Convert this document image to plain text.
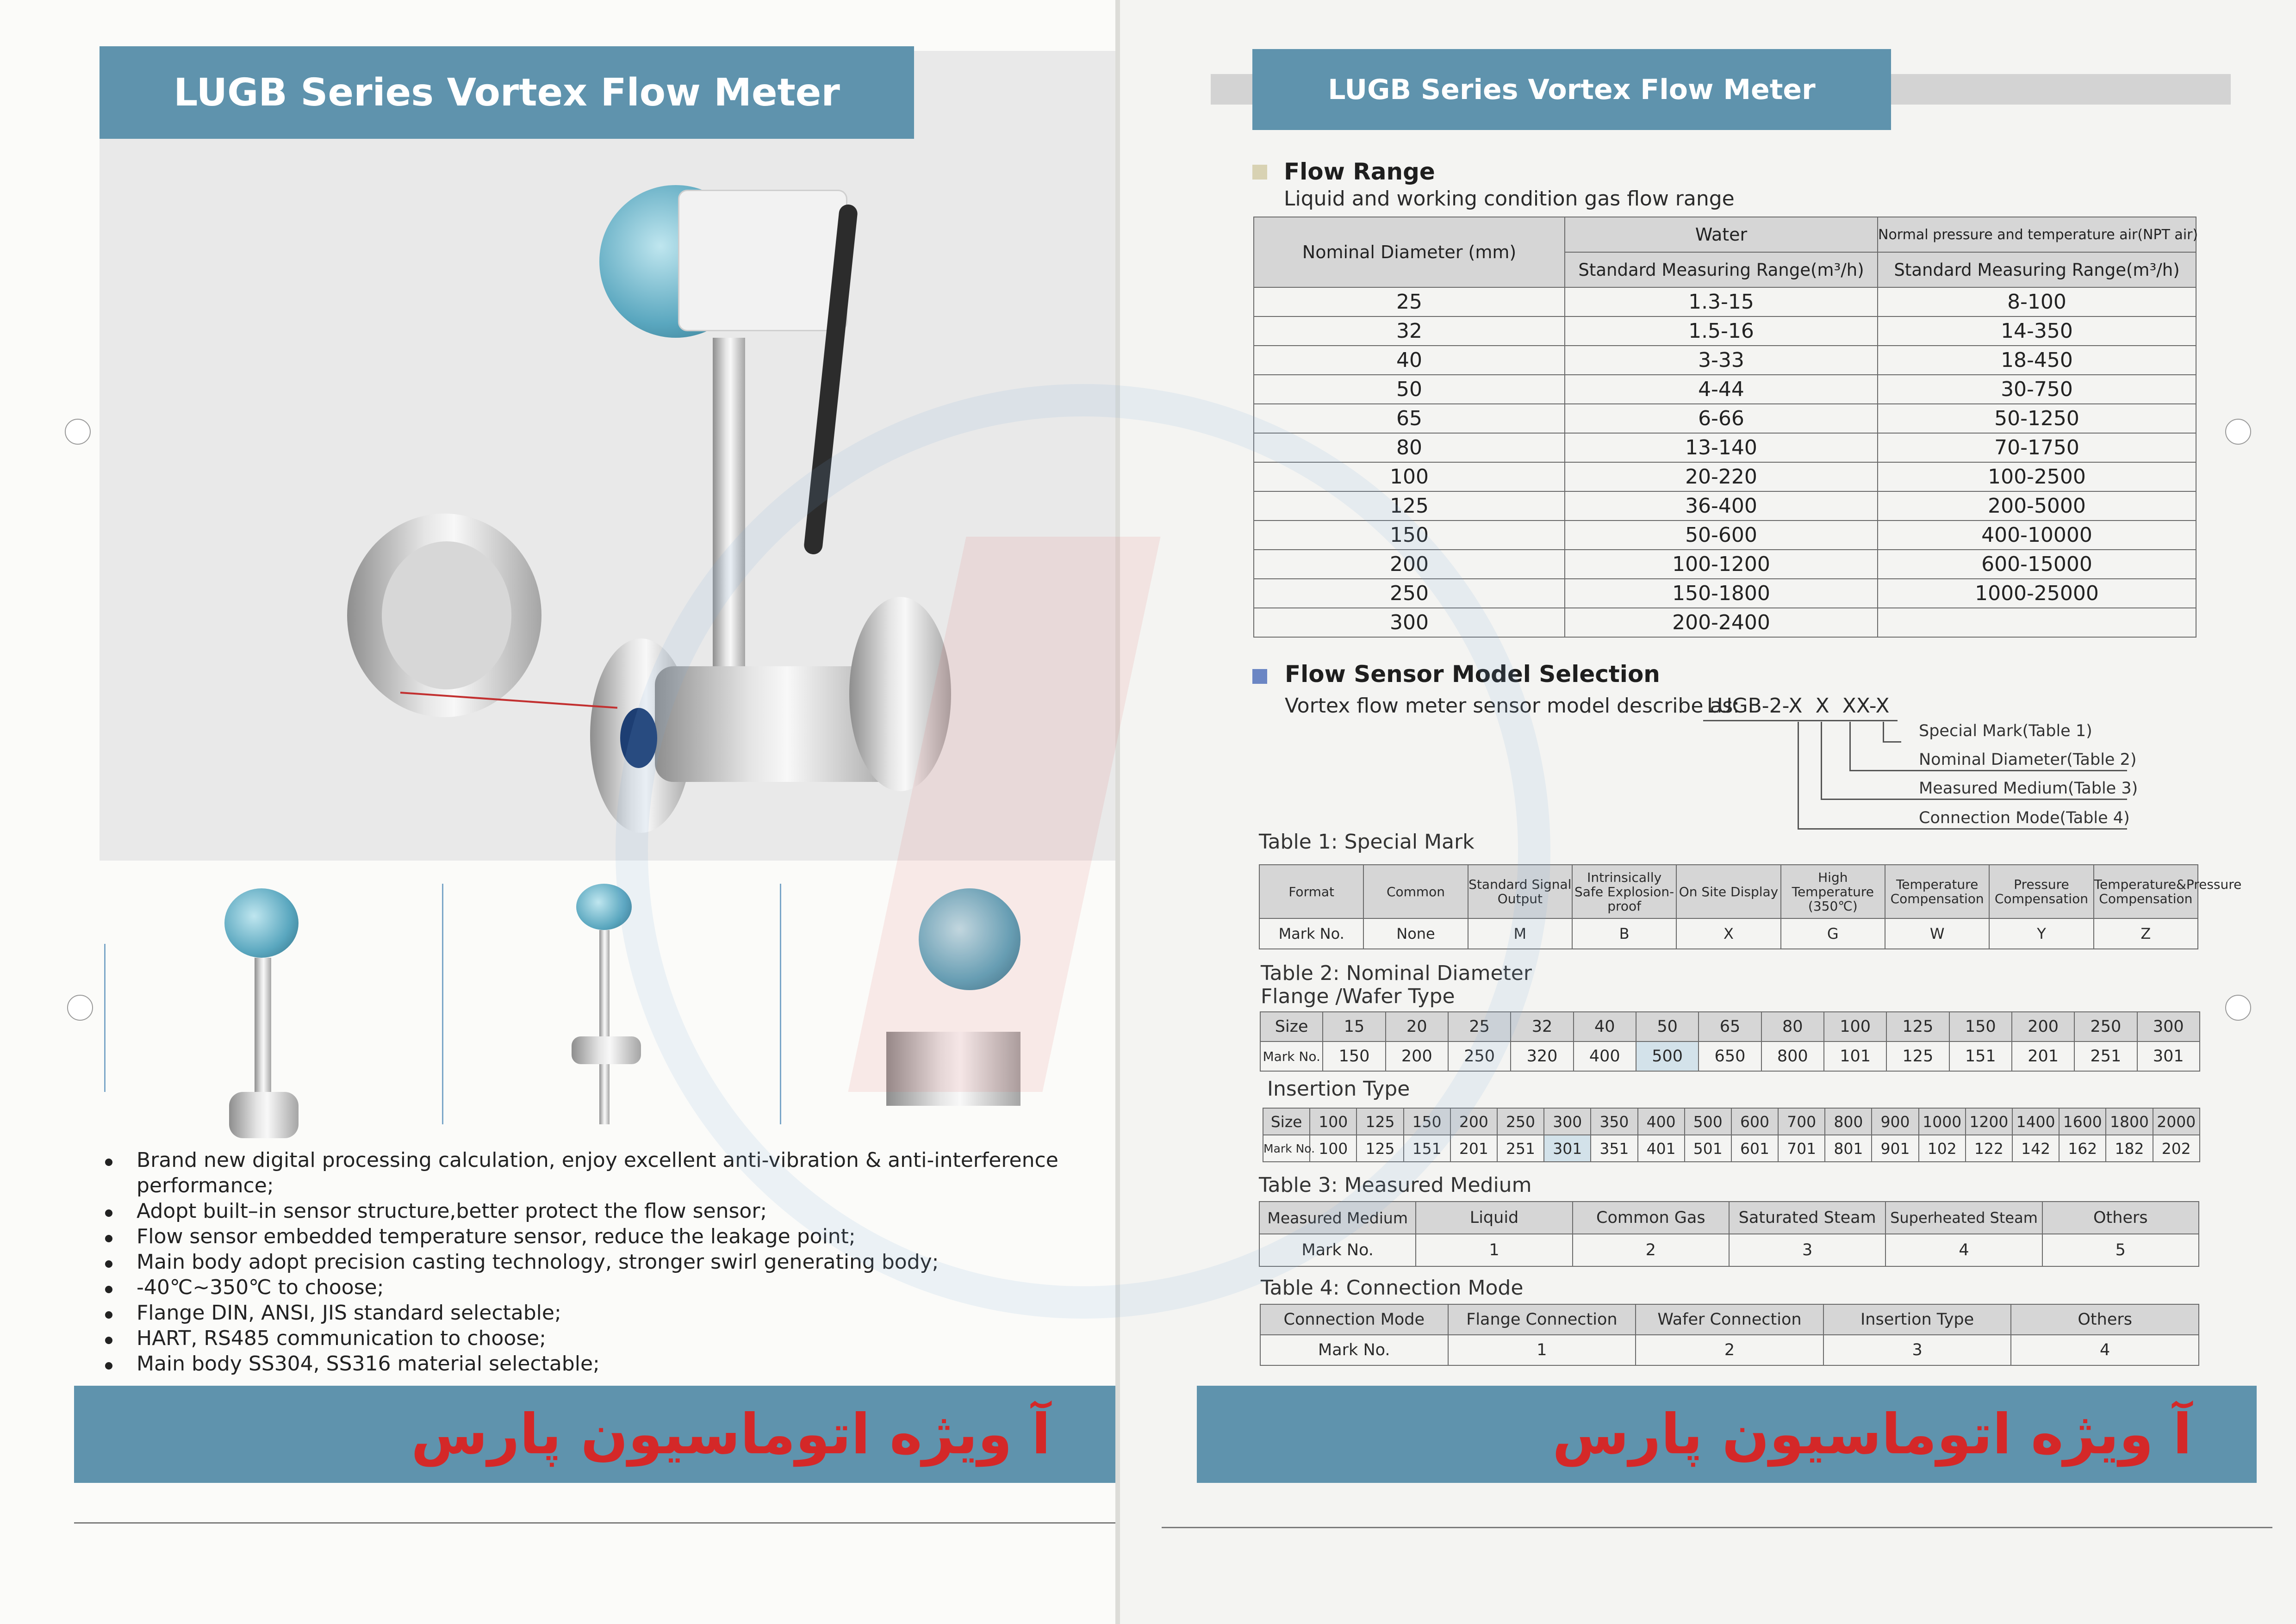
LUGB Series Vortex Flow Meter
Brand new digital processing calculation, enjoy excellent anti-vibration & anti-interference performance;
Adopt built–in sensor structure,better protect the flow sensor;
Flow sensor embedded temperature sensor, reduce the leakage point;
Main body adopt precision casting technology, stronger swirl generating body;
-40℃~350℃ to choose;
Flange DIN, ANSI, JIS standard selectable;
HART, RS485 communication to choose;
Main body SS304, SS316 material selectable;
آ ویژه اتوماسیون پارس
LUGB Series Vortex Flow Meter
Flow Range
Liquid and working condition gas flow range
Nominal Diameter (mm)	Water	Normal pressure and temperature air(NPT air)
	Standard Measuring Range(m³/h)	Standard Measuring Range(m³/h)
25	1.3-15	8-100
32	1.5-16	14-350
40	3-33	18-450
50	4-44	30-750
65	6-66	50-1250
80	13-140	70-1750
100	20-220	100-2500
125	36-400	200-5000
150	50-600	400-10000
200	100-1200	600-15000
250	150-1800	1000-25000
300	200-2400	
Flow Sensor Model Selection
Vortex flow meter sensor model describe as:
LUGB-2-X  X  XX-X
Special Mark(Table 1)
Nominal Diameter(Table 2)
Measured Medium(Table 3)
Connection Mode(Table 4)
Table 1: Special Mark
Format	Common	Standard Signal Output	Intrinsically Safe Explosion-proof	On Site Display	High Temperature (350℃)	Temperature Compensation	Pressure Compensation	Temperature&Pressure Compensation
Mark No.	None	M	B	X	G	W	Y	Z
Table 2: Nominal Diameter
Flange /Wafer Type
Size	15	20	25	32	40	50	65	80	100	125	150	200	250	300
Mark No.	150	200	250	320	400	500	650	800	101	125	151	201	251	301
Insertion Type
Size	100	125	150	200	250	300	350	400	500	600	700	800	900	1000	1200	1400	1600	1800	2000
Mark No.	100	125	151	201	251	301	351	401	501	601	701	801	901	102	122	142	162	182	202
Table 3: Measured Medium
Measured Medium	Liquid	Common Gas	Saturated Steam	Superheated Steam	Others
Mark No.	1	2	3	4	5
Table 4: Connection Mode
Connection Mode	Flange Connection	Wafer Connection	Insertion Type	Others
Mark No.	1	2	3	4
آ ویژه اتوماسیون پارس
